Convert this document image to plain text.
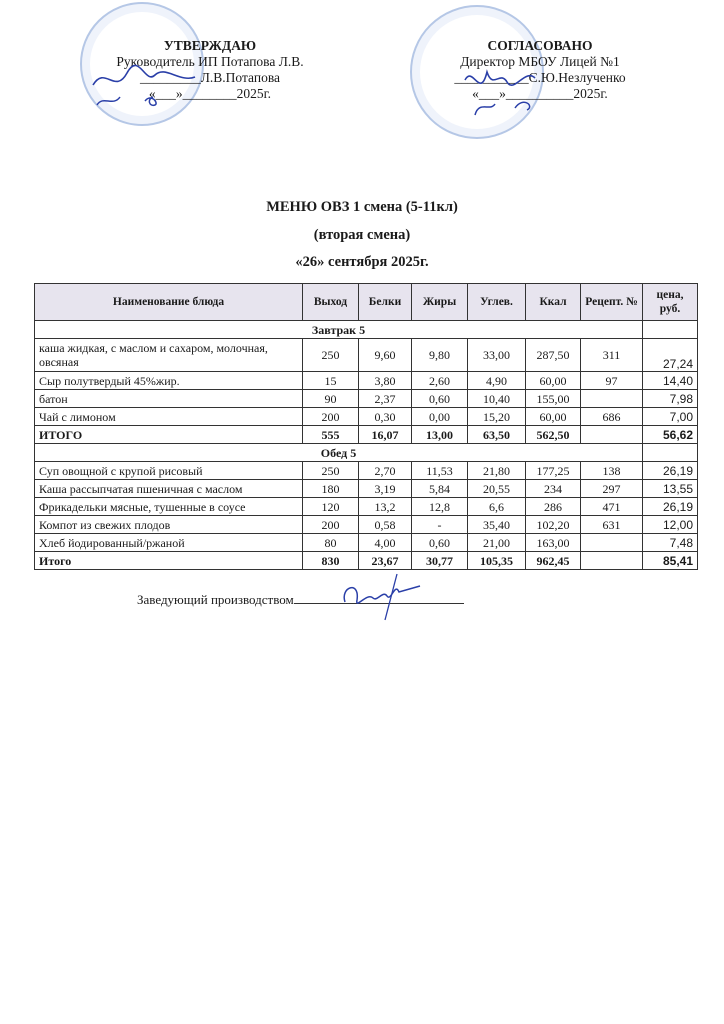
УТВЕРЖДАЮ
Руководитель ИП Потапова Л.В.
_________Л.В.Потапова
«___»________2025г.
СОГЛАСОВАНО
Директор МБОУ Лицей №1
___________С.Ю.Незлученко
«___»__________2025г.
МЕНЮ ОВЗ 1 смена (5-11кл)
(вторая смена)
«26» сентября 2025г.
Наименование блюда	Выход	Белки	Жиры	Углев.	Ккал	Рецепт. №	цена, руб.
Завтрак 5							
каша жидкая, с маслом и сахаром, молочная, овсяная	250	9,60	9,80	33,00	287,50	311	27,24
Сыр полутвердый 45%жир.	15	3,80	2,60	4,90	60,00	97	14,40
батон	90	2,37	0,60	10,40	155,00		7,98
Чай с лимоном	200	0,30	0,00	15,20	60,00	686	7,00
ИТОГО	555	16,07	13,00	63,50	562,50		56,62
Обед 5							
Суп овощной с крупой рисовый	250	2,70	11,53	21,80	177,25	138	26,19
Каша рассыпчатая пшеничная с маслом	180	3,19	5,84	20,55	234	297	13,55
Фрикадельки мясные, тушенные в соусе	120	13,2	12,8	6,6	286	471	26,19
Компот из свежих плодов	200	0,58	-	35,40	102,20	631	12,00
Хлеб йодированный/ржаной	80	4,00	0,60	21,00	163,00		7,48
Итого	830	23,67	30,77	105,35	962,45		85,41
Заведующий производством
